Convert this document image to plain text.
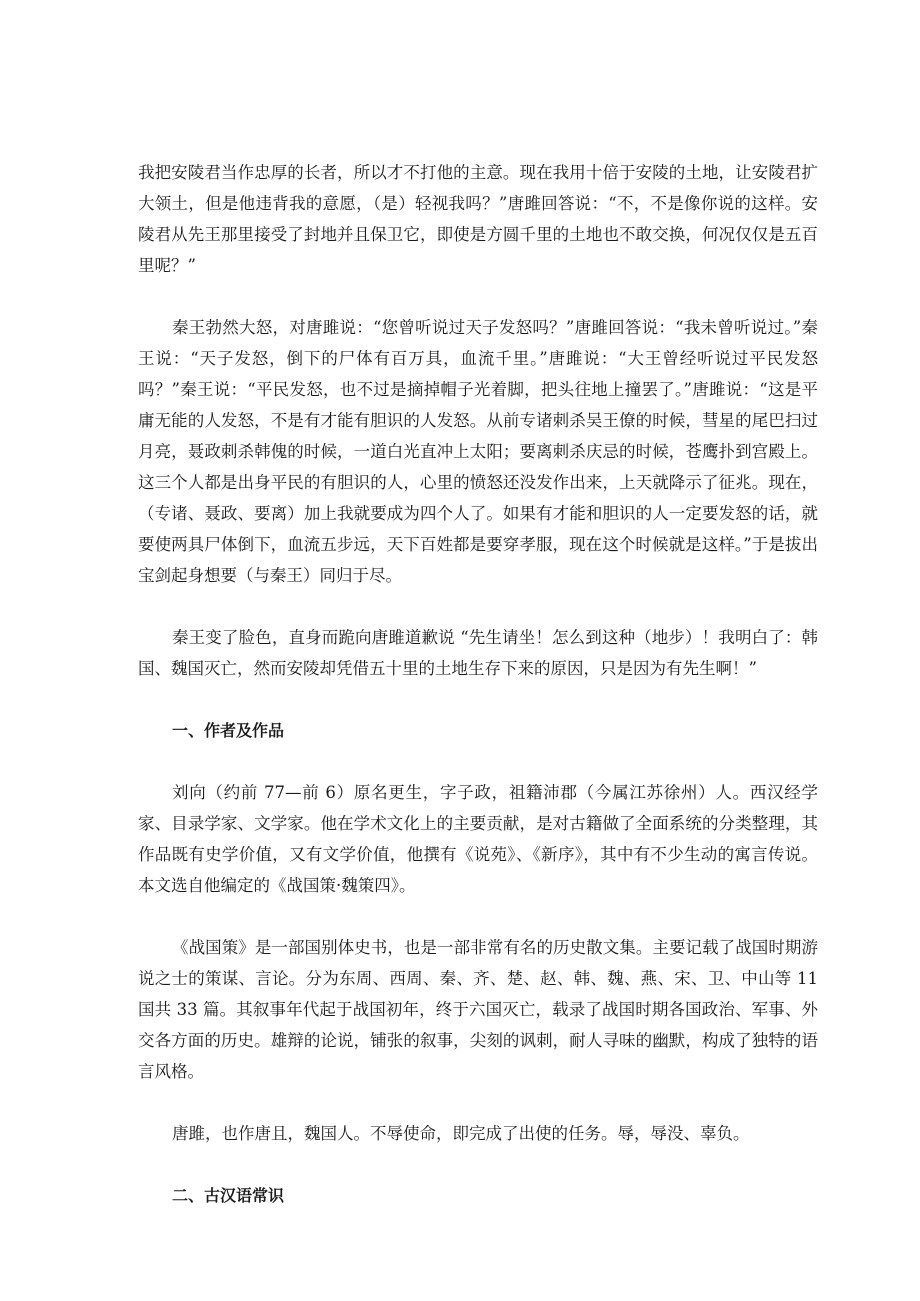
我把安陵君当作忠厚的长者，所以才不打他的主意。现在我用十倍于安陵的土地，让安陵君扩大领土，但是他违背我的意愿，（是）轻视我吗？”唐雎回答说：“不，不是像你说的这样。安陵君从先王那里接受了封地并且保卫它，即使是方圆千里的土地也不敢交换，何况仅仅是五百里呢？”

秦王勃然大怒，对唐雎说：“您曾听说过天子发怒吗？”唐雎回答说：“我未曾听说过。”秦王说：“天子发怒，倒下的尸体有百万具，血流千里。”唐雎说：“大王曾经听说过平民发怒吗？”秦王说：“平民发怒，也不过是摘掉帽子光着脚，把头往地上撞罢了。”唐雎说：“这是平庸无能的人发怒，不是有才能有胆识的人发怒。从前专诸刺杀吴王僚的时候，彗星的尾巴扫过月亮，聂政刺杀韩傀的时候，一道白光直冲上太阳；要离刺杀庆忌的时候，苍鹰扑到宫殿上。这三个人都是出身平民的有胆识的人，心里的愤怒还没发作出来，上天就降示了征兆。现在，（专诸、聂政、要离）加上我就要成为四个人了。如果有才能和胆识的人一定要发怒的话，就要使两具尸体倒下，血流五步远，天下百姓都是要穿孝服，现在这个时候就是这样。”于是拔出宝剑起身想要（与秦王）同归于尽。

秦王变了脸色，直身而跪向唐雎道歉说 “先生请坐！怎么到这种（地步）！我明白了：韩国、魏国灭亡，然而安陵却凭借五十里的土地生存下来的原因，只是因为有先生啊！”

一、作者及作品

刘向（约前 77—前 6）原名更生，字子政，祖籍沛郡（今属江苏徐州）人。西汉经学家、目录学家、文学家。他在学术文化上的主要贡献，是对古籍做了全面系统的分类整理，其作品既有史学价值，又有文学价值，他撰有《说苑》、《新序》，其中有不少生动的寓言传说。本文选自他编定的《战国策·魏策四》。

《战国策》是一部国别体史书，也是一部非常有名的历史散文集。主要记载了战国时期游说之士的策谋、言论。分为东周、西周、秦、齐、楚、赵、韩、魏、燕、宋、卫、中山等 11 国共 33 篇。其叙事年代起于战国初年，终于六国灭亡，载录了战国时期各国政治、军事、外交各方面的历史。雄辩的论说，铺张的叙事，尖刻的讽刺，耐人寻味的幽默，构成了独特的语言风格。

唐雎，也作唐且，魏国人。不辱使命，即完成了出使的任务。辱，辱没、辜负。

二、古汉语常识
